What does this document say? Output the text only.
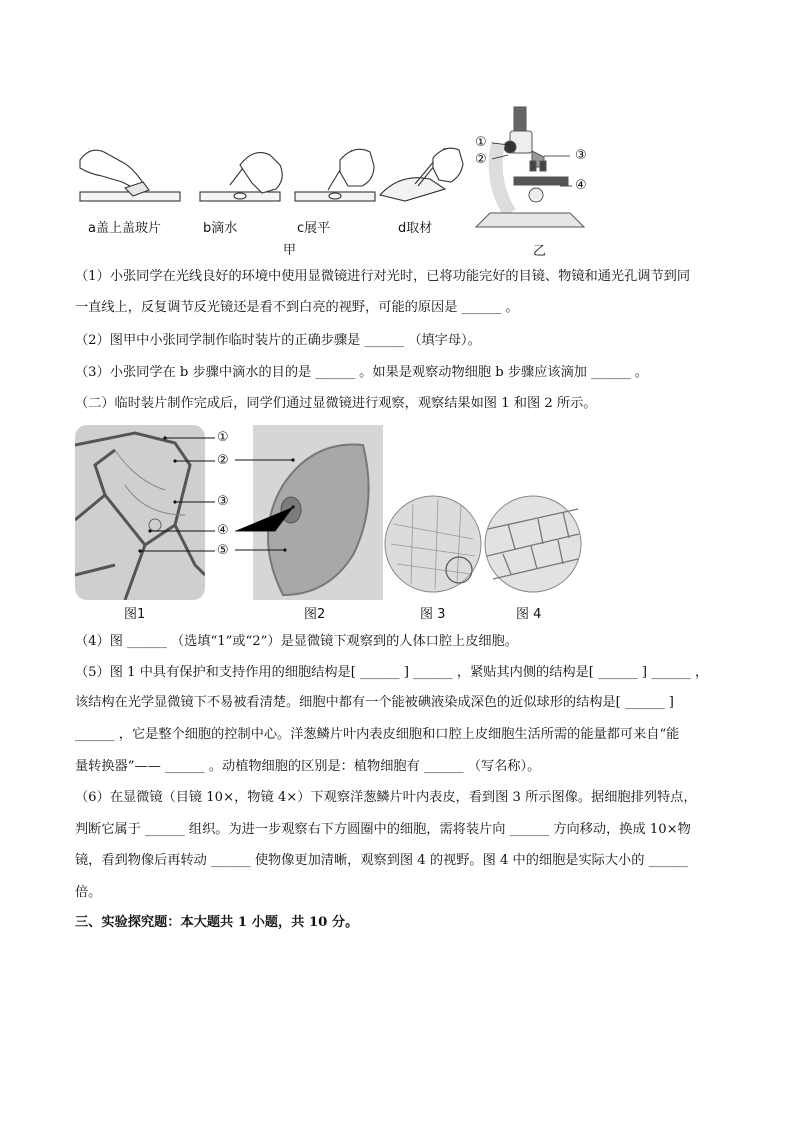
a盖上盖玻片	b滴水	c展平	d取材
甲
①
②	③
④
乙
（1）小张同学在光线良好的环境中使用显微镜进行对光时，已将功能完好的目镜、物镜和通光孔调节到同
一直线上，反复调节反光镜还是看不到白亮的视野，可能的原因是 ______ 。
（2）图甲中小张同学制作临时装片的正确步骤是 ______ （填字母）。
（3）小张同学在 b 步骤中滴水的目的是 ______ 。如果是观察动物细胞 b 步骤应该滴加 ______ 。
（二）临时装片制作完成后，同学们通过显微镜进行观察，观察结果如图 1 和图 2 所示。
①
②
③
④
⑤
图1	图2	图 3	图 4
（4）图 ______ （选填“1”或“2”）是显微镜下观察到的人体口腔上皮细胞。
（5）图 1 中具有保护和支持作用的细胞结构是[ ______ ] ______ ，紧贴其内侧的结构是[ ______ ] ______ ，
该结构在光学显微镜下不易被看清楚。细胞中都有一个能被碘液染成深色的近似球形的结构是[ ______ ]
______ ，它是整个细胞的控制中心。洋葱鳞片叶内表皮细胞和口腔上皮细胞生活所需的能量都可来自“能
量转换器”—— ______ 。动植物细胞的区别是：植物细胞有 ______ （写名称）。
（6）在显微镜（目镜 10×，物镜 4×）下观察洋葱鳞片叶内表皮，看到图 3 所示图像。据细胞排列特点，
判断它属于 ______ 组织。为进一步观察右下方圆圈中的细胞，需将装片向 ______ 方向移动，换成 10×物
镜，看到物像后再转动 ______ 使物像更加清晰，观察到图 4 的视野。图 4 中的细胞是实际大小的 ______
倍。
三、实验探究题：本大题共 1 小题，共 10 分。
